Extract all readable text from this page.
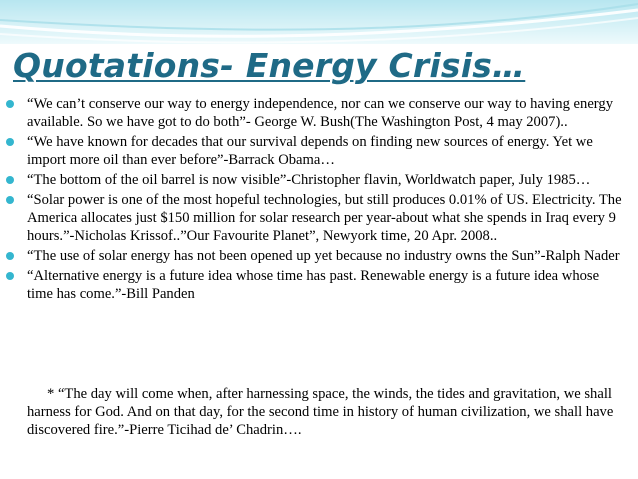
Quotations- Energy Crisis…
“We can’t conserve our way to energy independence, nor can we conserve our way to having energy available. So we have got to do both”- George W. Bush(The Washington Post, 4 may 2007)..
“We have known for decades that our survival depends on finding new sources of energy. Yet we import more oil than ever before”-Barrack Obama…
“The bottom of the oil barrel is now visible”-Christopher flavin, Worldwatch paper, July 1985…
“Solar power is one of the most hopeful technologies, but still produces 0.01% of US. Electricity. The America allocates just $150 million for solar research per year-about what she spends in Iraq every 9 hours.”-Nicholas Krissof..”Our Favourite Planet”, Newyork time, 20 Apr. 2008..
“The use of solar energy has not been opened up yet because no industry owns the Sun”-Ralph Nader
“Alternative energy is a future idea whose time has past. Renewable energy is a future idea whose time has come.”-Bill Panden

* “The day will come when, after harnessing space, the winds, the tides and gravitation, we shall harness for God. And on that day, for the second time in history of human civilization, we shall have discovered fire.”-Pierre Ticihad de’ Chadrin….
